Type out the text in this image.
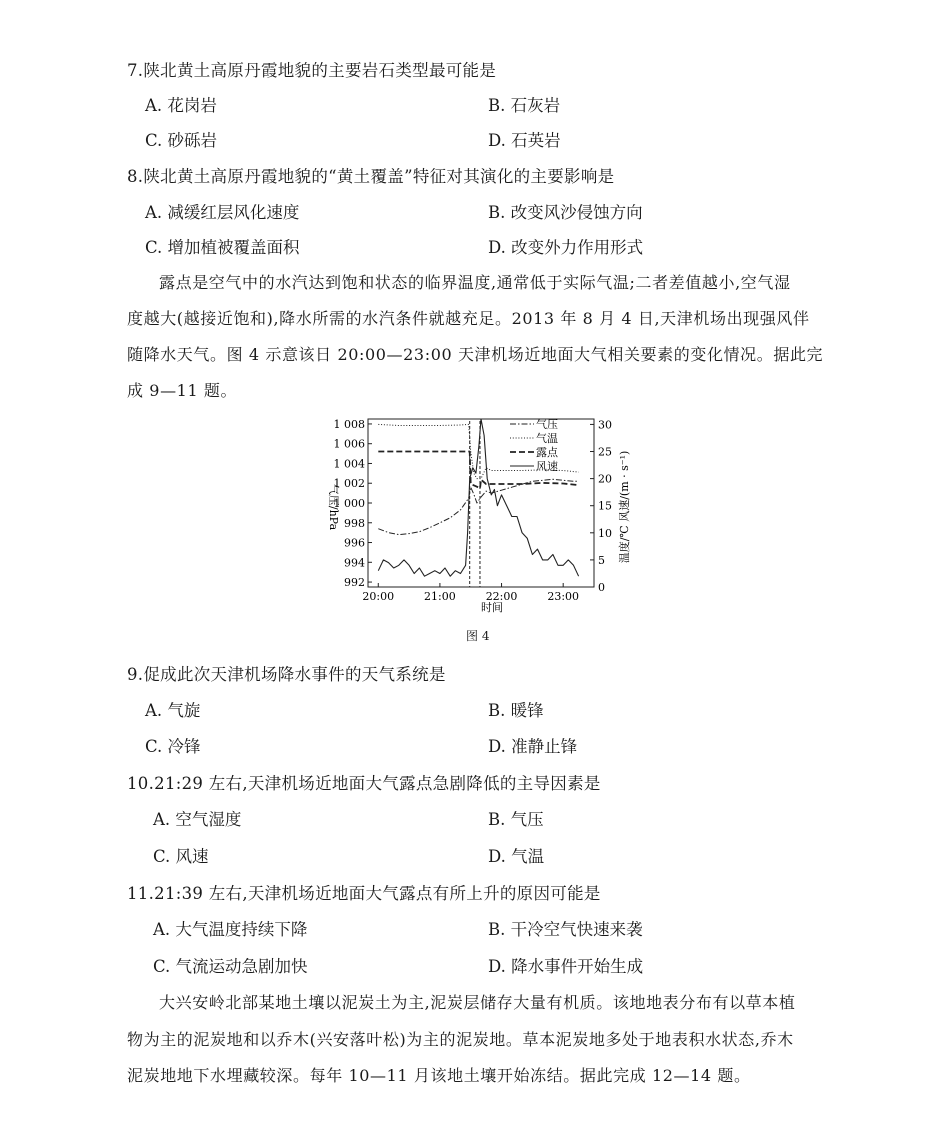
7.陕北黄土高原丹霞地貌的主要岩石类型最可能是
A. 花岗岩	B. 石灰岩
C. 砂砾岩	D. 石英岩
8.陕北黄土高原丹霞地貌的“黄土覆盖”特征对其演化的主要影响是
A. 减缓红层风化速度	B. 改变风沙侵蚀方向
C. 增加植被覆盖面积	D. 改变外力作用形式
露点是空气中的水汽达到饱和状态的临界温度,通常低于实际气温;二者差值越小,空气湿
度越大(越接近饱和),降水所需的水汽条件就越充足。2013 年 8 月 4 日,天津机场出现强风伴
随降水天气。图 4 示意该日 20:00—23:00 天津机场近地面大气相关要素的变化情况。据此完
成 9—11 题。
992
994
996
998
1 000
1 002
1 004
1 006
1 008
0
5
10
15
20
25
30
20:00	21:00	22:00	23:00
气压
气温
露点
风速
气压/hPa	温度/℃ 风速/(m · s⁻¹)
时间
图 4
9.促成此次天津机场降水事件的天气系统是
A. 气旋	B. 暖锋
C. 冷锋	D. 准静止锋
10.21:29 左右,天津机场近地面大气露点急剧降低的主导因素是
A. 空气湿度	B. 气压
C. 风速	D. 气温
11.21:39 左右,天津机场近地面大气露点有所上升的原因可能是
A. 大气温度持续下降	B. 干冷空气快速来袭
C. 气流运动急剧加快	D. 降水事件开始生成
大兴安岭北部某地土壤以泥炭土为主,泥炭层储存大量有机质。该地地表分布有以草本植
物为主的泥炭地和以乔木(兴安落叶松)为主的泥炭地。草本泥炭地多处于地表积水状态,乔木
泥炭地地下水埋藏较深。每年 10—11 月该地土壤开始冻结。据此完成 12—14 题。
